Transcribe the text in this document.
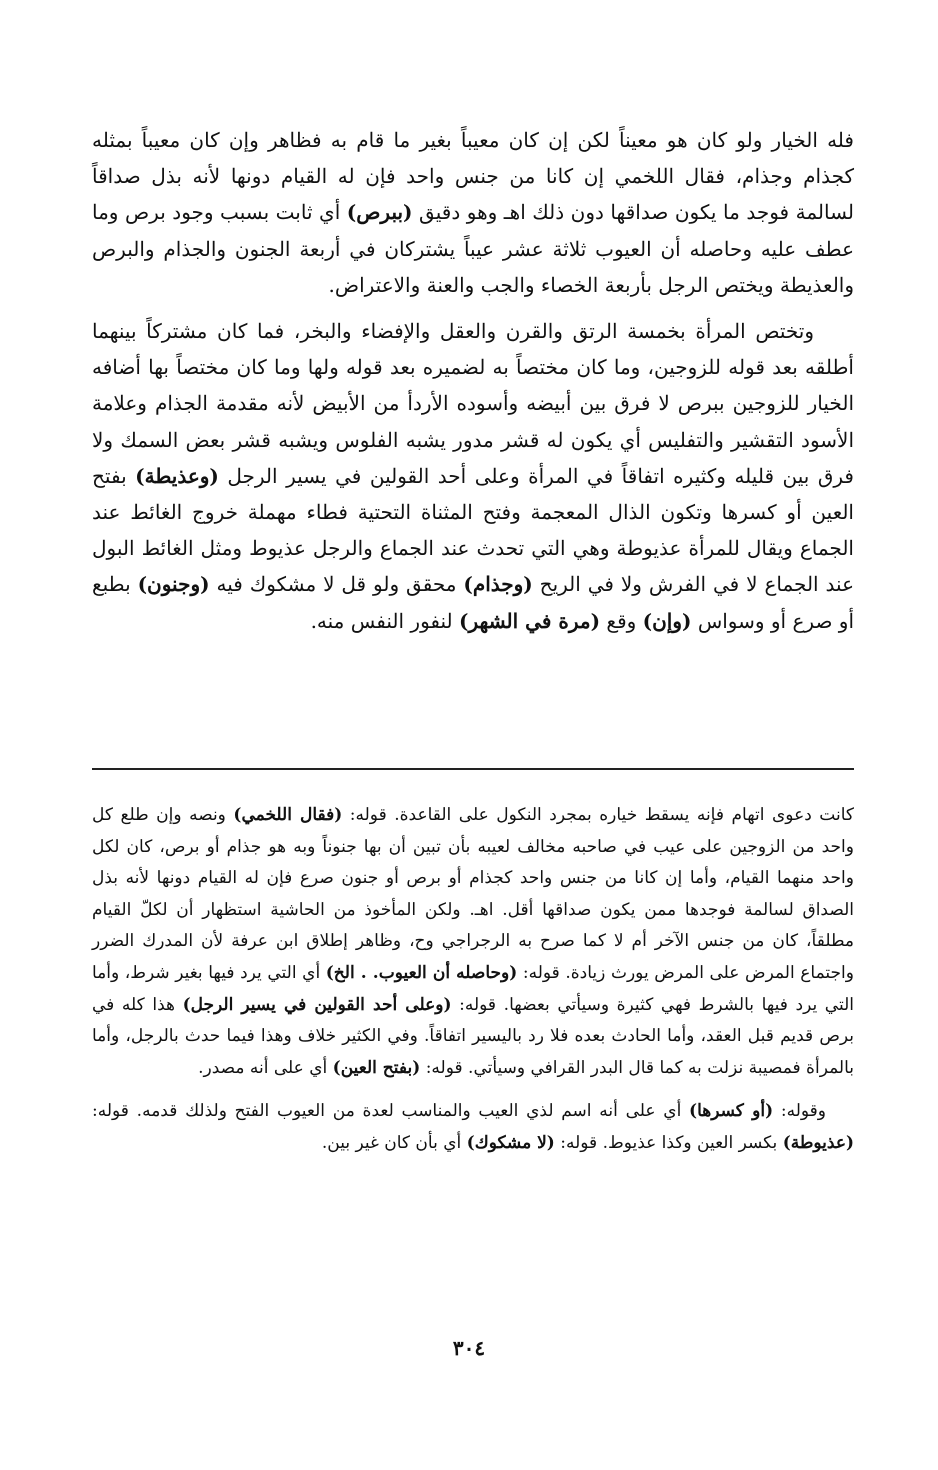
فله الخيار ولو كان هو معيناً لكن إن كان معيباً بغير ما قام به فظاهر وإن كان معيباً بمثله كجذام وجذام، فقال اللخمي إن كانا من جنس واحد فإن له القيام دونها لأنه بذل صداقاً لسالمة فوجد ما يكون صداقها دون ذلك اهـ وهو دقيق (ببرص) أي ثابت بسبب وجود برص وما عطف عليه وحاصله أن العيوب ثلاثة عشر عيباً يشتركان في أربعة الجنون والجذام والبرص والعذيطة ويختص الرجل بأربعة الخصاء والجب والعنة والاعتراض.

وتختص المرأة بخمسة الرتق والقرن والعقل والإفضاء والبخر، فما كان مشتركاً بينهما أطلقه بعد قوله للزوجين، وما كان مختصاً به لضميره بعد قوله ولها وما كان مختصاً بها أضافه الخيار للزوجين ببرص لا فرق بين أبيضه وأسوده الأردأ من الأبيض لأنه مقدمة الجذام وعلامة الأسود التقشير والتفليس أي يكون له قشر مدور يشبه الفلوس ويشبه قشر بعض السمك ولا فرق بين قليله وكثيره اتفاقاً في المرأة وعلى أحد القولين في يسير الرجل (وعذيطة) بفتح العين أو كسرها وتكون الذال المعجمة وفتح المثناة التحتية فطاء مهملة خروج الغائط عند الجماع ويقال للمرأة عذيوطة وهي التي تحدث عند الجماع والرجل عذيوط ومثل الغائط البول عند الجماع لا في الفرش ولا في الريح (وجذام) محقق ولو قل لا مشكوك فيه (وجنون) بطبع أو صرع أو وسواس (وإن) وقع (مرة في الشهر) لنفور النفس منه.

كانت دعوى اتهام فإنه يسقط خياره بمجرد النكول على القاعدة. قوله: (فقال اللخمي) ونصه وإن طلع كل واحد من الزوجين على عيب في صاحبه مخالف لعيبه بأن تبين أن بها جنوناً وبه هو جذام أو برص، كان لكل واحد منهما القيام، وأما إن كانا من جنس واحد كجذام أو برص أو جنون صرع فإن له القيام دونها لأنه بذل الصداق لسالمة فوجدها ممن يكون صداقها أقل. اهـ. ولكن المأخوذ من الحاشية استظهار أن لكلّ القيام مطلقاً، كان من جنس الآخر أم لا كما صرح به الرجراجي وح، وظاهر إطلاق ابن عرفة لأن المدرك الضرر واجتماع المرض على المرض يورث زيادة. قوله: (وحاصله أن العيوب. . الخ) أي التي يرد فيها بغير شرط، وأما التي يرد فيها بالشرط فهي كثيرة وسيأتي بعضها. قوله: (وعلى أحد القولين في يسير الرجل) هذا كله في برص قديم قبل العقد، وأما الحادث بعده فلا رد باليسير اتفاقاً. وفي الكثير خلاف وهذا فيما حدث بالرجل، وأما بالمرأة فمصيبة نزلت به كما قال البدر القرافي وسيأتي. قوله: (بفتح العين) أي على أنه مصدر.

وقوله: (أو كسرها) أي على أنه اسم لذي العيب والمناسب لعدة من العيوب الفتح ولذلك قدمه. قوله: (عذيوطة) بكسر العين وكذا عذيوط. قوله: (لا مشكوك) أي بأن كان غير بين.

٣٠٤
